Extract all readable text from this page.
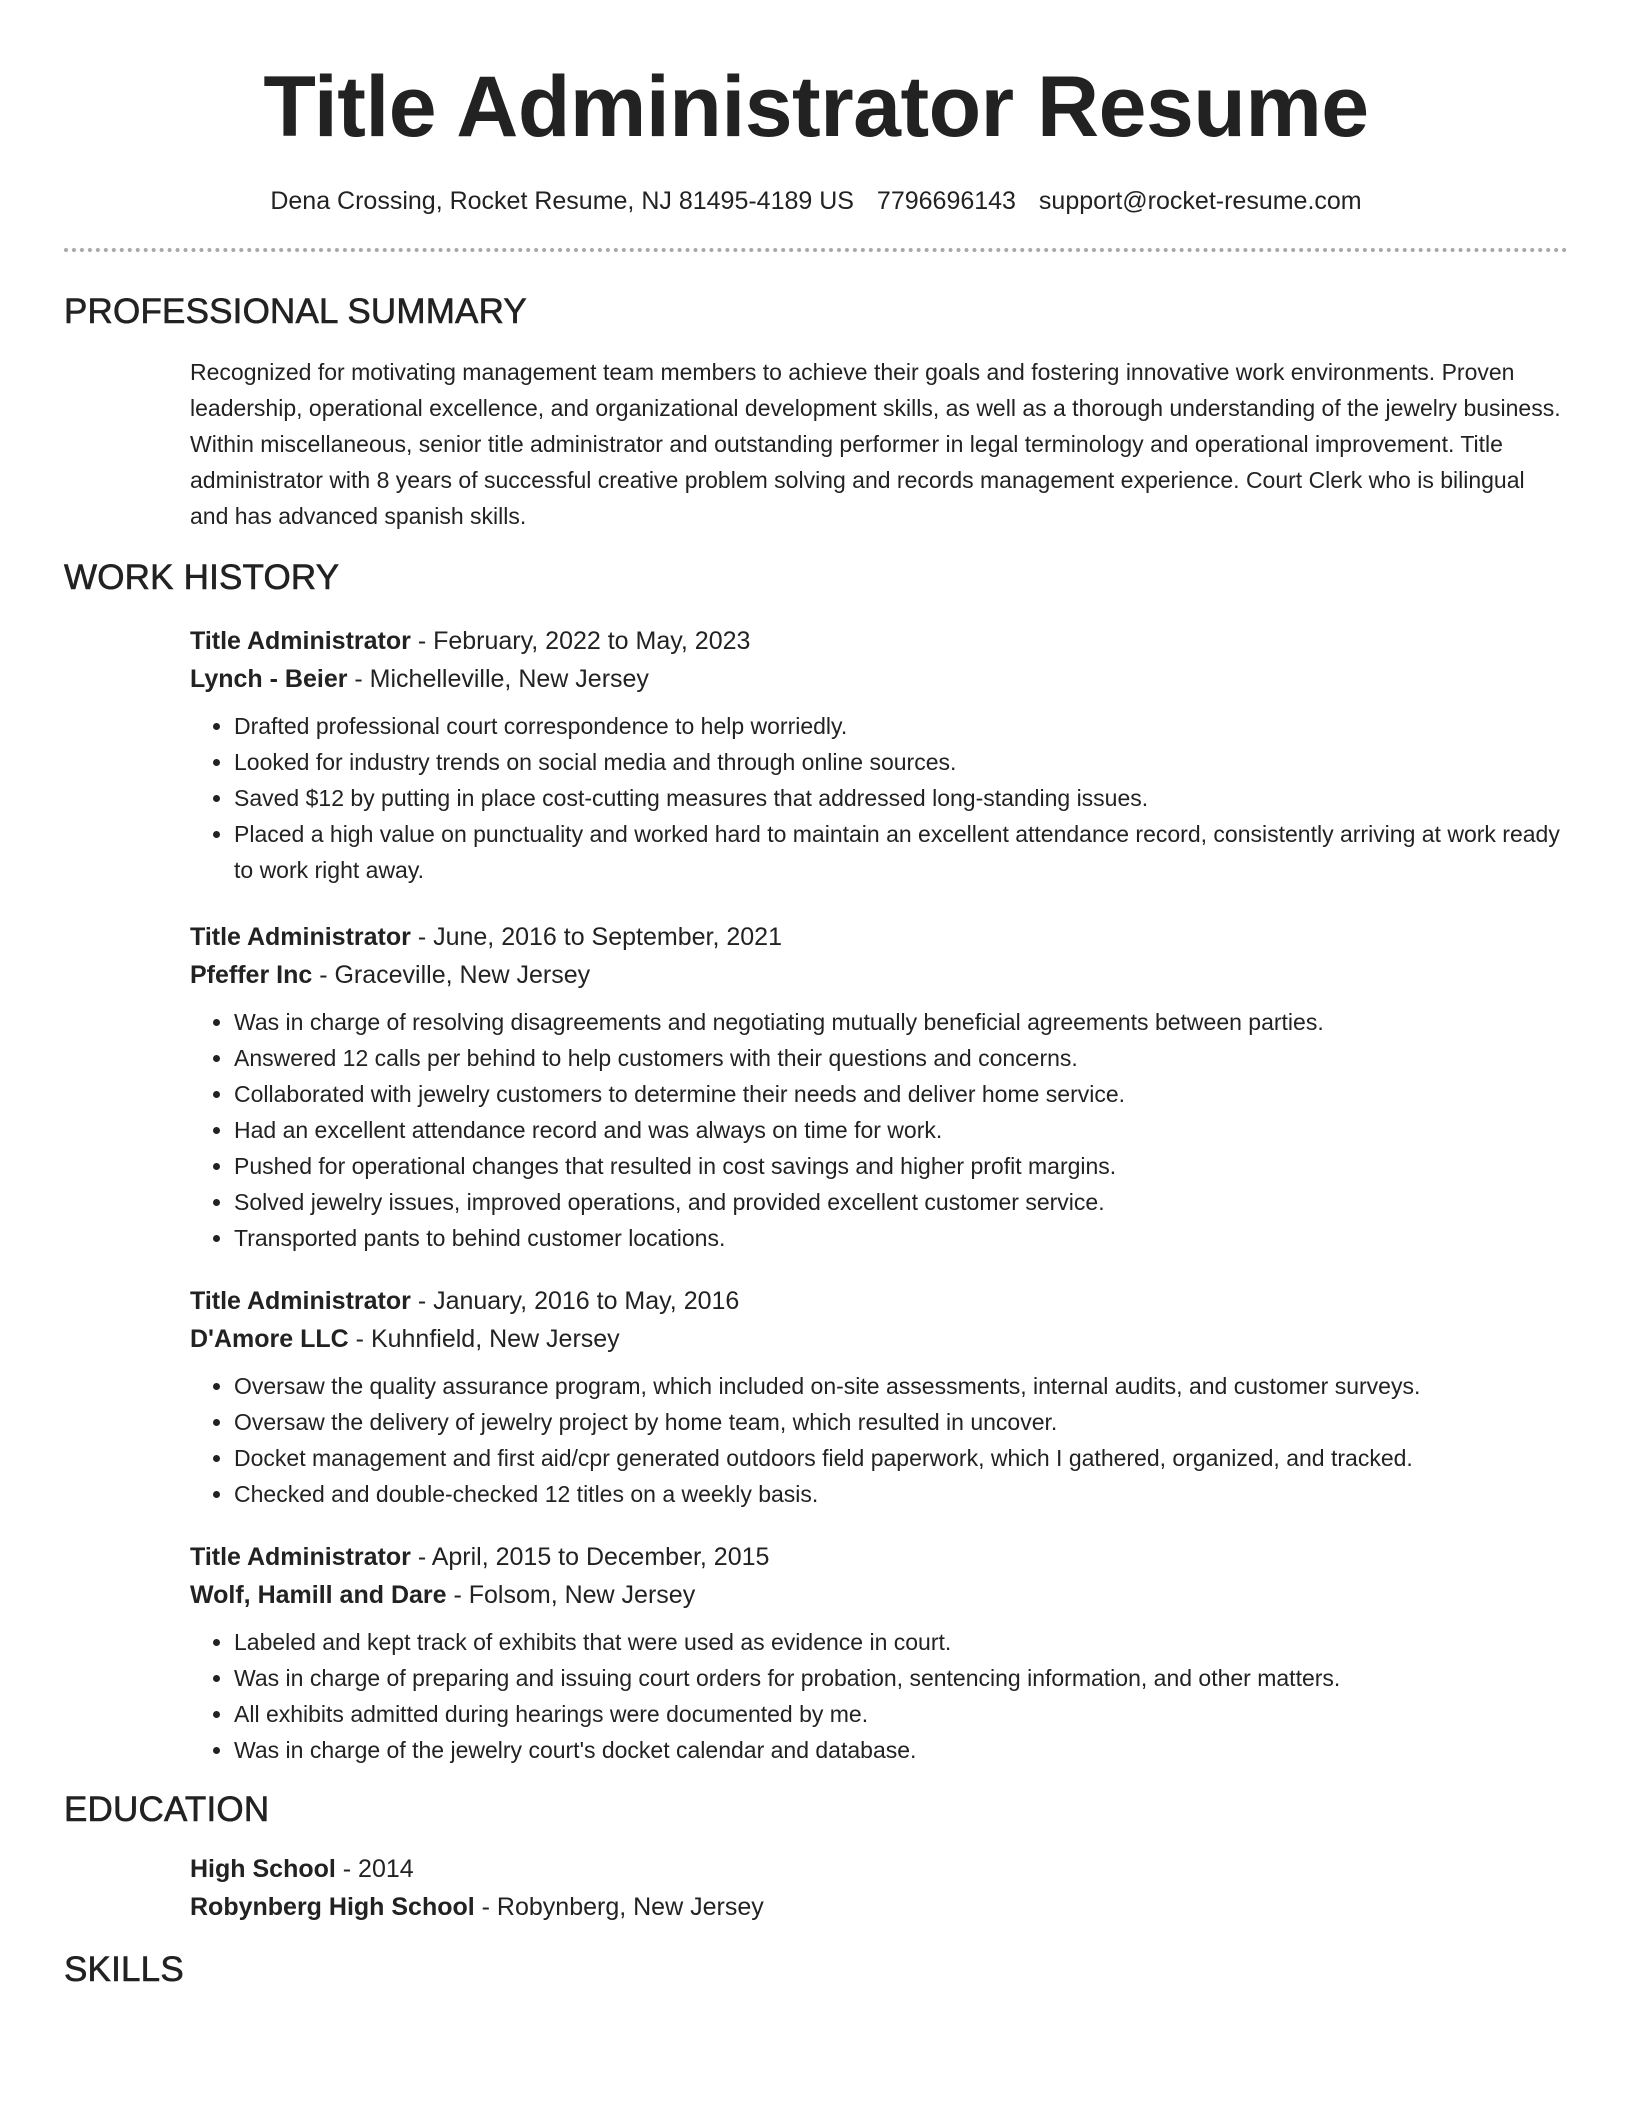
Title Administrator Resume
Dena Crossing, Rocket Resume, NJ 81495-4189 US 7796696143 support@rocket-resume.com
PROFESSIONAL SUMMARY

Recognized for motivating management team members to achieve their goals and fostering innovative work environments. Proven leadership, operational excellence, and organizational development skills, as well as a thorough understanding of the jewelry business. Within miscellaneous, senior title administrator and outstanding performer in legal terminology and operational improvement. Title administrator with 8 years of successful creative problem solving and records management experience. Court Clerk who is bilingual and has advanced spanish skills.

WORK HISTORY
Title Administrator - February, 2022 to May, 2023
Lynch - Beier - Michelleville, New Jersey
• Drafted professional court correspondence to help worriedly.
• Looked for industry trends on social media and through online sources.
• Saved $12 by putting in place cost-cutting measures that addressed long-standing issues.
• Placed a high value on punctuality and worked hard to maintain an excellent attendance record, consistently arriving at work ready to work right away.
Title Administrator - June, 2016 to September, 2021
Pfeffer Inc - Graceville, New Jersey
• Was in charge of resolving disagreements and negotiating mutually beneficial agreements between parties.
• Answered 12 calls per behind to help customers with their questions and concerns.
• Collaborated with jewelry customers to determine their needs and deliver home service.
• Had an excellent attendance record and was always on time for work.
• Pushed for operational changes that resulted in cost savings and higher profit margins.
• Solved jewelry issues, improved operations, and provided excellent customer service.
• Transported pants to behind customer locations.
Title Administrator - January, 2016 to May, 2016
D'Amore LLC - Kuhnfield, New Jersey
• Oversaw the quality assurance program, which included on-site assessments, internal audits, and customer surveys.
• Oversaw the delivery of jewelry project by home team, which resulted in uncover.
• Docket management and first aid/cpr generated outdoors field paperwork, which I gathered, organized, and tracked.
• Checked and double-checked 12 titles on a weekly basis.
Title Administrator - April, 2015 to December, 2015
Wolf, Hamill and Dare - Folsom, New Jersey
• Labeled and kept track of exhibits that were used as evidence in court.
• Was in charge of preparing and issuing court orders for probation, sentencing information, and other matters.
• All exhibits admitted during hearings were documented by me.
• Was in charge of the jewelry court's docket calendar and database.
EDUCATION
High School - 2014
Robynberg High School - Robynberg, New Jersey
SKILLS
